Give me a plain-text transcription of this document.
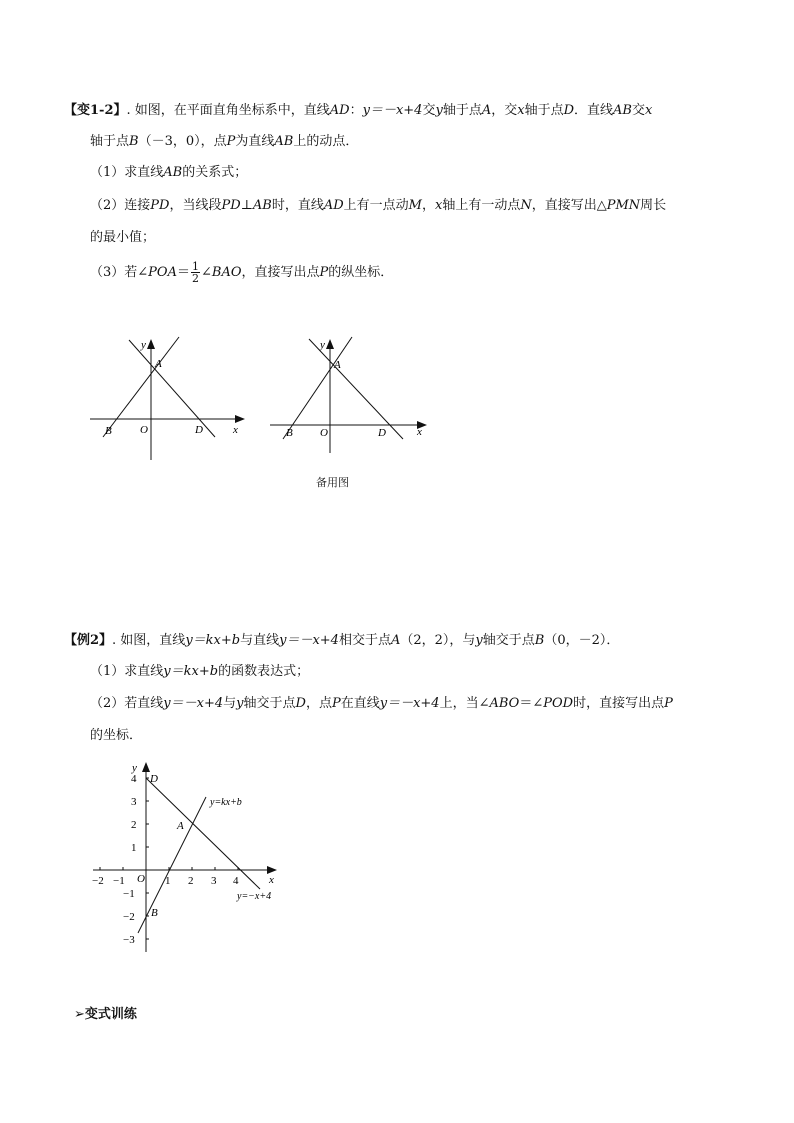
【变1-2】. 如图，在平面直角坐标系中，直线AD：y＝－x+4交y轴于点A，交x轴于点D．直线AB交x
轴于点B（－3，0），点P为直线AB上的动点．
（1）求直线AB的关系式；
（2）连接PD，当线段PD⊥AB时，直线AD上有一点动M，x轴上有一动点N，直接写出△PMN周长
的最小值；
（3）若∠POA＝ $\frac{1}{2}$ ∠BAO，直接写出点P的纵坐标．
y
A
x
B	O	D
y
A
x
B O	D
备用图
【例2】. 如图，直线y＝kx+b与直线y＝－x+4相交于点A（2，2），与y轴交于点B（0，－2）．
（1）求直线y＝kx+b的函数表达式；
（2）若直线y＝－x+4与y轴交于点D，点P在直线y＝－x+4上，当∠ABO＝∠POD时，直接写出点P
的坐标．
−2 −1	1 2 3 4
4
3
2
1
−1
−2
−3
y
x
O
D
A
B
y=kx+b
y=−x+4
➢变式训练
